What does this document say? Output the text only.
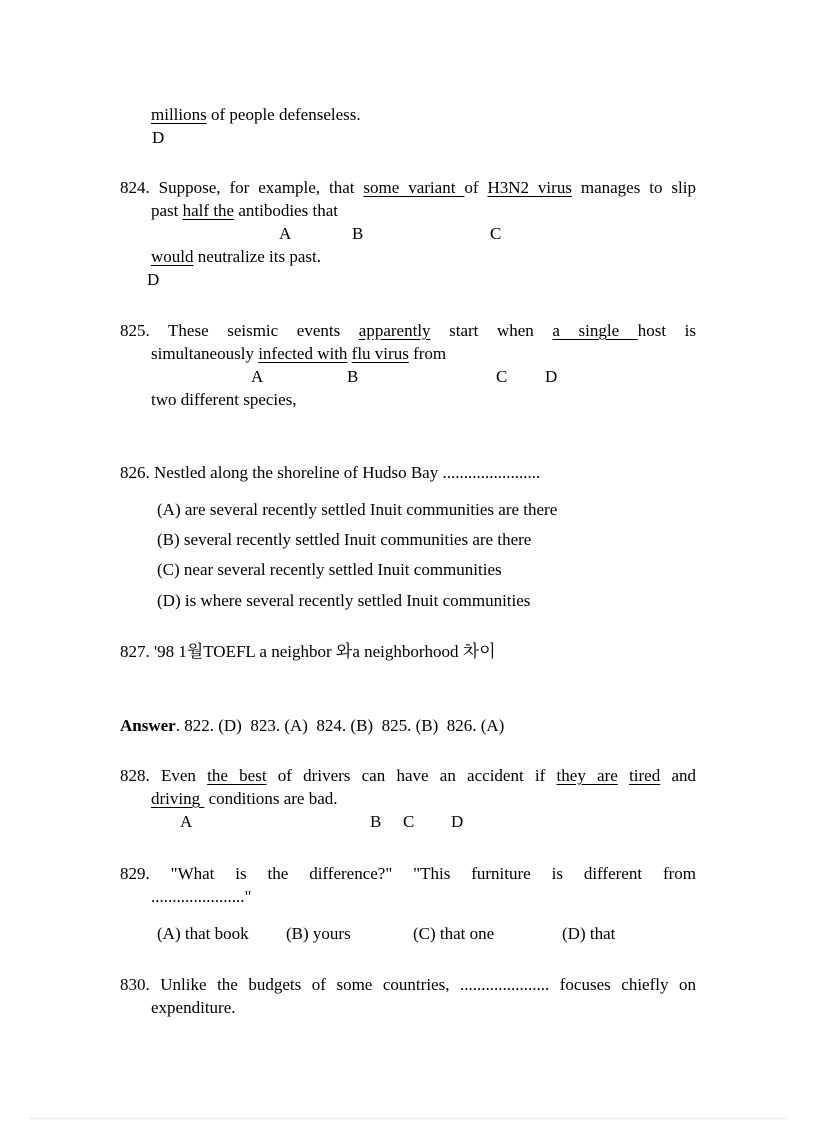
millions of people defenseless.
D
824. Suppose, for example, that some variant of H3N2 virus manages to slip
past half the antibodies that
A	B	C
would neutralize its past.
D
825. These seismic events apparently start when a single host is
simultaneously infected with flu virus from
A	B	C D
two different species,
826. Nestled along the shoreline of Hudso Bay .......................
(A) are several recently settled Inuit communities are there
(B) several recently settled Inuit communities are there
(C) near several recently settled Inuit communities
(D) is where several recently settled Inuit communities
827. '98 1월TOEFL a neighbor 와a neighborhood 차이
Answer. 822. (D)  823. (A)  824. (B)  825. (B)  826. (A)
828. Even the best of drivers can have an accident if they are tired and
driving  conditions are bad.
A	B C D
829. "What is the difference?" "This furniture is different from
......................"
(A) that book (B) yours	(C) that one	(D) that
830. Unlike the budgets of some countries, ..................... focuses chiefly on
expenditure.
